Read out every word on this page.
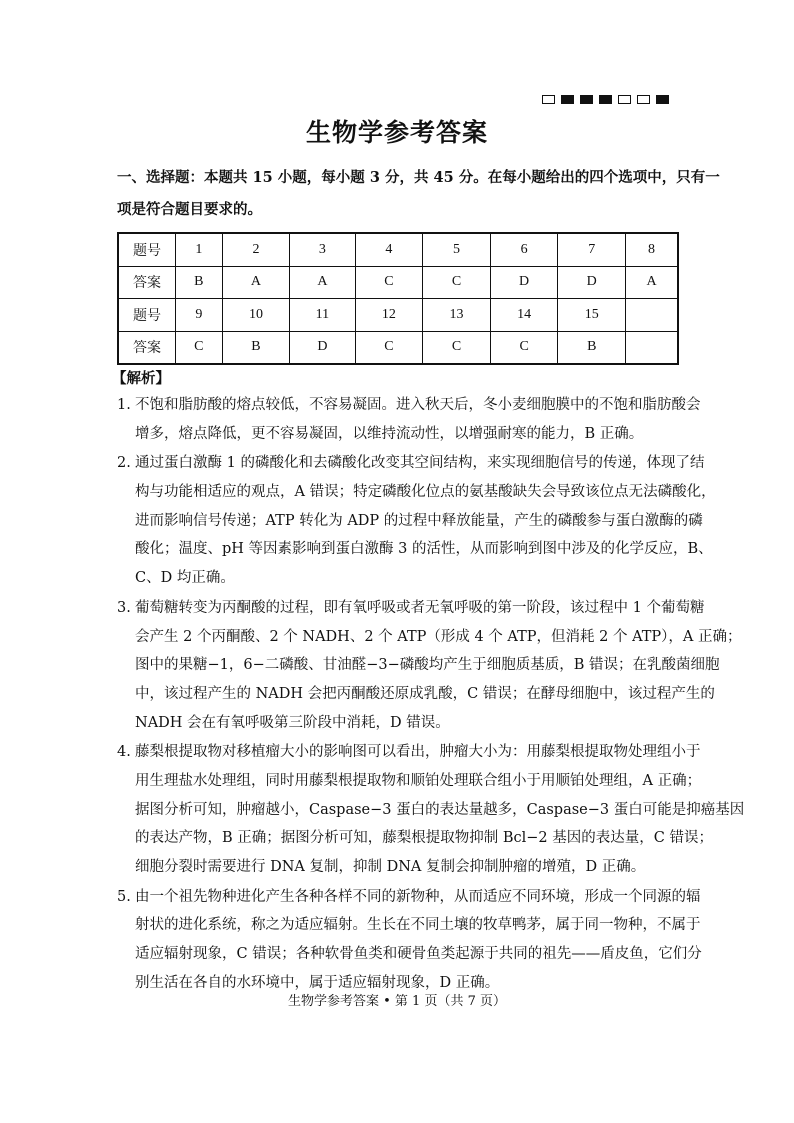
生物学参考答案
一、选择题：本题共 15 小题，每小题 3 分，共 45 分。在每小题给出的四个选项中，只有一
项是符合题目要求的。
题号	1	2	3	4	5	6	7	8
答案	B	A	A	C	C	D	D	A
题号	9	10	11	12	13	14	15	
答案	C	B	D	C	C	C	B	
【解析】
1. 不饱和脂肪酸的熔点较低，不容易凝固。进入秋天后，冬小麦细胞膜中的不饱和脂肪酸会
增多，熔点降低，更不容易凝固，以维持流动性，以增强耐寒的能力，B 正确。
2. 通过蛋白激酶 1 的磷酸化和去磷酸化改变其空间结构，来实现细胞信号的传递，体现了结
构与功能相适应的观点，A 错误；特定磷酸化位点的氨基酸缺失会导致该位点无法磷酸化，
进而影响信号传递；ATP 转化为 ADP 的过程中释放能量，产生的磷酸参与蛋白激酶的磷
酸化；温度、pH 等因素影响到蛋白激酶 3 的活性，从而影响到图中涉及的化学反应，B、
C、D 均正确。
3. 葡萄糖转变为丙酮酸的过程，即有氧呼吸或者无氧呼吸的第一阶段，该过程中 1 个葡萄糖
会产生 2 个丙酮酸、2 个 NADH、2 个 ATP（形成 4 个 ATP，但消耗 2 个 ATP），A 正确；
图中的果糖−1，6−二磷酸、甘油醛−3−磷酸均产生于细胞质基质，B 错误；在乳酸菌细胞
中，该过程产生的 NADH 会把丙酮酸还原成乳酸，C 错误；在酵母细胞中，该过程产生的
NADH 会在有氧呼吸第三阶段中消耗，D 错误。
4. 藤梨根提取物对移植瘤大小的影响图可以看出，肿瘤大小为：用藤梨根提取物处理组小于
用生理盐水处理组，同时用藤梨根提取物和顺铂处理联合组小于用顺铂处理组，A 正确；
据图分析可知，肿瘤越小，Caspase−3 蛋白的表达量越多，Caspase−3 蛋白可能是抑癌基因
的表达产物，B 正确；据图分析可知，藤梨根提取物抑制 Bcl−2 基因的表达量，C 错误；
细胞分裂时需要进行 DNA 复制，抑制 DNA 复制会抑制肿瘤的增殖，D 正确。
5. 由一个祖先物种进化产生各种各样不同的新物种，从而适应不同环境，形成一个同源的辐
射状的进化系统，称之为适应辐射。生长在不同土壤的牧草鸭茅，属于同一物种，不属于
适应辐射现象，C 错误；各种软骨鱼类和硬骨鱼类起源于共同的祖先——盾皮鱼，它们分
别生活在各自的水环境中，属于适应辐射现象，D 正确。
生物学参考答案 • 第 1 页（共 7 页）
